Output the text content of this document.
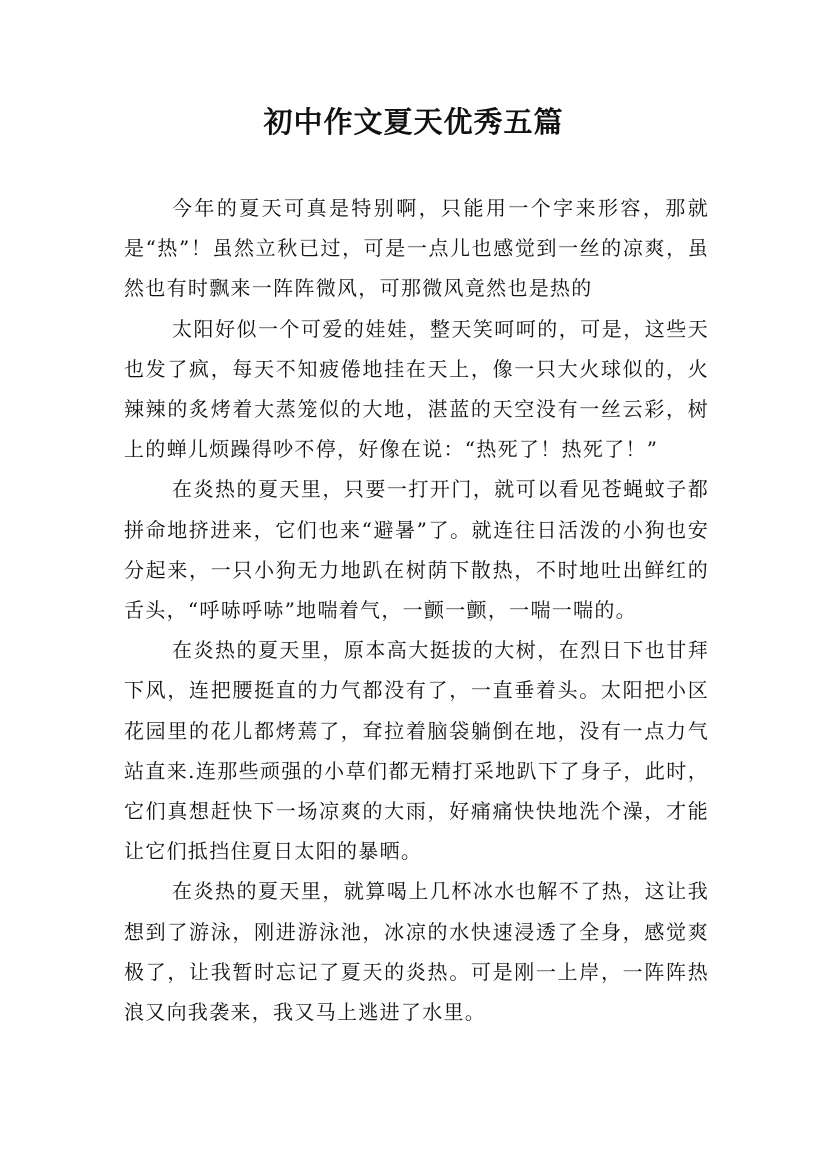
初中作文夏天优秀五篇

今年的夏天可真是特别啊，只能用一个字来形容，那就是“热”！虽然立秋已过，可是一点儿也感觉到一丝的凉爽，虽然也有时飘来一阵阵微风，可那微风竟然也是热的

太阳好似一个可爱的娃娃，整天笑呵呵的，可是，这些天也发了疯，每天不知疲倦地挂在天上，像一只大火球似的，火辣辣的炙烤着大蒸笼似的大地，湛蓝的天空没有一丝云彩，树上的蝉儿烦躁得吵不停，好像在说：“热死了！热死了！”

在炎热的夏天里，只要一打开门，就可以看见苍蝇蚊子都拼命地挤进来，它们也来“避暑”了。就连往日活泼的小狗也安分起来，一只小狗无力地趴在树荫下散热，不时地吐出鲜红的舌头，“呼哧呼哧”地喘着气，一颤一颤，一喘一喘的。

在炎热的夏天里，原本高大挺拔的大树，在烈日下也甘拜下风，连把腰挺直的力气都没有了，一直垂着头。太阳把小区花园里的花儿都烤蔫了，耷拉着脑袋躺倒在地，没有一点力气站直来.连那些顽强的小草们都无精打采地趴下了身子，此时，它们真想赶快下一场凉爽的大雨，好痛痛快快地洗个澡，才能让它们抵挡住夏日太阳的暴晒。

在炎热的夏天里，就算喝上几杯冰水也解不了热，这让我想到了游泳，刚进游泳池，冰凉的水快速浸透了全身，感觉爽极了，让我暂时忘记了夏天的炎热。可是刚一上岸，一阵阵热浪又向我袭来，我又马上逃进了水里。
